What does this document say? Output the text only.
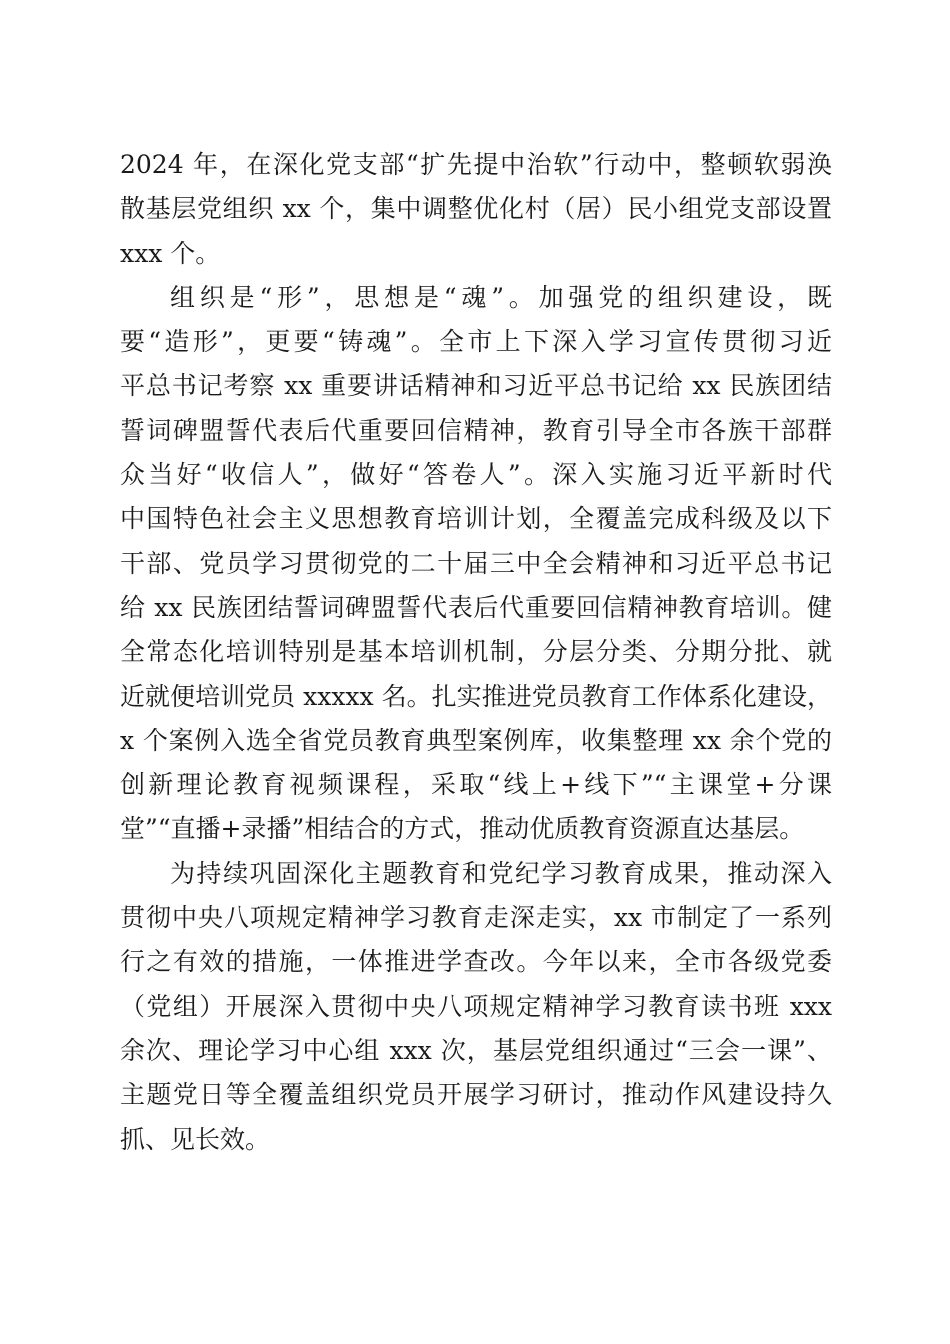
2024 年，在深化党支部“扩先提中治软”行动中，整顿软弱涣
散基层党组织 xx 个，集中调整优化村（居）民小组党支部设置
xxx 个。
组织是“形”，思想是“魂”。加强党的组织建设，既
要“造形”，更要“铸魂”。全市上下深入学习宣传贯彻习近
平总书记考察 xx 重要讲话精神和习近平总书记给 xx 民族团结
誓词碑盟誓代表后代重要回信精神，教育引导全市各族干部群
众当好“收信人”，做好“答卷人”。深入实施习近平新时代
中国特色社会主义思想教育培训计划，全覆盖完成科级及以下
干部、党员学习贯彻党的二十届三中全会精神和习近平总书记
给 xx 民族团结誓词碑盟誓代表后代重要回信精神教育培训。健
全常态化培训特别是基本培训机制，分层分类、分期分批、就
近就便培训党员 xxxxx 名。扎实推进党员教育工作体系化建设，
x 个案例入选全省党员教育典型案例库，收集整理 xx 余个党的
创新理论教育视频课程，采取“线上+线下”“主课堂+分课
堂”“直播+录播”相结合的方式，推动优质教育资源直达基层。
为持续巩固深化主题教育和党纪学习教育成果，推动深入
贯彻中央八项规定精神学习教育走深走实，xx 市制定了一系列
行之有效的措施，一体推进学查改。今年以来，全市各级党委
（党组）开展深入贯彻中央八项规定精神学习教育读书班 xxx
余次、理论学习中心组 xxx 次，基层党组织通过“三会一课”、
主题党日等全覆盖组织党员开展学习研讨，推动作风建设持久
抓、见长效。
